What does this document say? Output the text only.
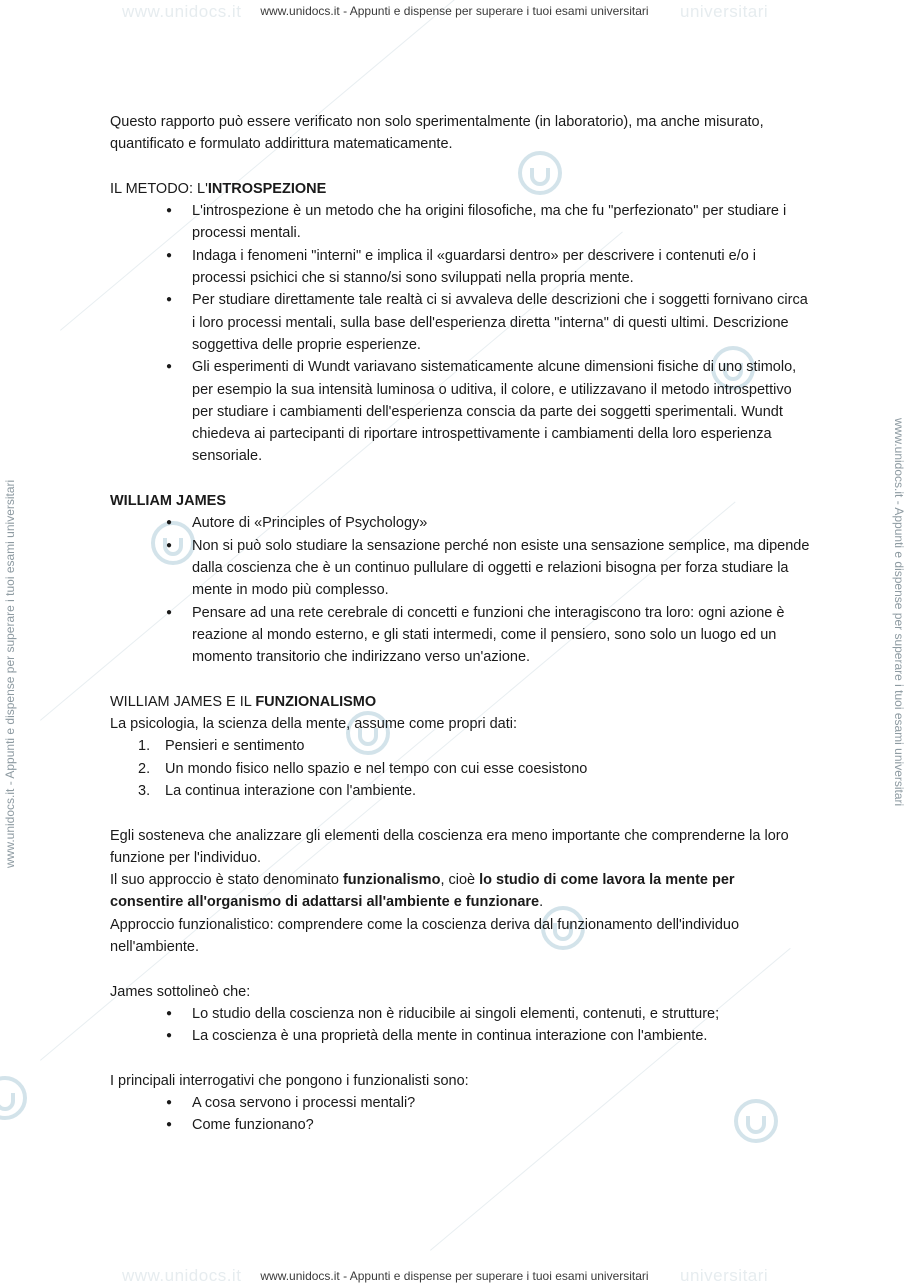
www.unidocs.it	universitari
www.unidocs.it	universitari
www.unidocs.it - Appunti e dispense per superare i tuoi esami universitari	www.unidocs.it - Appunti e dispense per superare i tuoi esami universitari
www.unidocs.it - Appunti e dispense per superare i tuoi esami universitari
www.unidocs.it - Appunti e dispense per superare i tuoi esami universitari

Questo rapporto può essere verificato non solo sperimentalmente (in laboratorio), ma anche misurato, quantificato e formulato addirittura matematicamente.

IL METODO: L'INTROSPEZIONE

● L'introspezione è un metodo che ha origini filosofiche, ma che fu "perfezionato" per studiare i processi mentali.
● Indaga i fenomeni "interni" e implica il «guardarsi dentro» per descrivere i contenuti e/o i processi psichici che si stanno/si sono sviluppati nella propria mente.
● Per studiare direttamente tale realtà ci si avvaleva delle descrizioni che i soggetti fornivano circa i loro processi mentali, sulla base dell'esperienza diretta "interna" di questi ultimi. Descrizione soggettiva delle proprie esperienze.
● Gli esperimenti di Wundt variavano sistematicamente alcune dimensioni fisiche di uno stimolo, per esempio la sua intensità luminosa o uditiva, il colore, e utilizzavano il metodo introspettivo per studiare i cambiamenti dell'esperienza conscia da parte dei soggetti sperimentali. Wundt chiedeva ai partecipanti di riportare introspettivamente i cambiamenti della loro esperienza sensoriale.

WILLIAM JAMES

● Autore di «Principles of Psychology»
● Non si può solo studiare la sensazione perché non esiste una sensazione semplice, ma dipende dalla coscienza che è un continuo pullulare di oggetti e relazioni bisogna per forza studiare la mente in modo più complesso.
● Pensare ad una rete cerebrale di concetti e funzioni che interagiscono tra loro: ogni azione è reazione al mondo esterno, e gli stati intermedi, come il pensiero, sono solo un luogo ed un momento transitorio che indirizzano verso un'azione.

WILLIAM JAMES E IL FUNZIONALISMO

La psicologia, la scienza della mente, assume come propri dati:

1. Pensieri e sentimento
2. Un mondo fisico nello spazio e nel tempo con cui esse coesistono
3. La continua interazione con l'ambiente.

Egli sosteneva che analizzare gli elementi della coscienza era meno importante che comprenderne la loro funzione per l'individuo.

Il suo approccio è stato denominato funzionalismo, cioè lo studio di come lavora la mente per consentire all'organismo di adattarsi all'ambiente e funzionare.

Approccio funzionalistico: comprendere come la coscienza deriva dal funzionamento dell'individuo nell'ambiente.

James sottolineò che:

● Lo studio della coscienza non è riducibile ai singoli elementi, contenuti, e strutture;
● La coscienza è una proprietà della mente in continua interazione con l'ambiente.

I principali interrogativi che pongono i funzionalisti sono:

● A cosa servono i processi mentali?
● Come funzionano?
